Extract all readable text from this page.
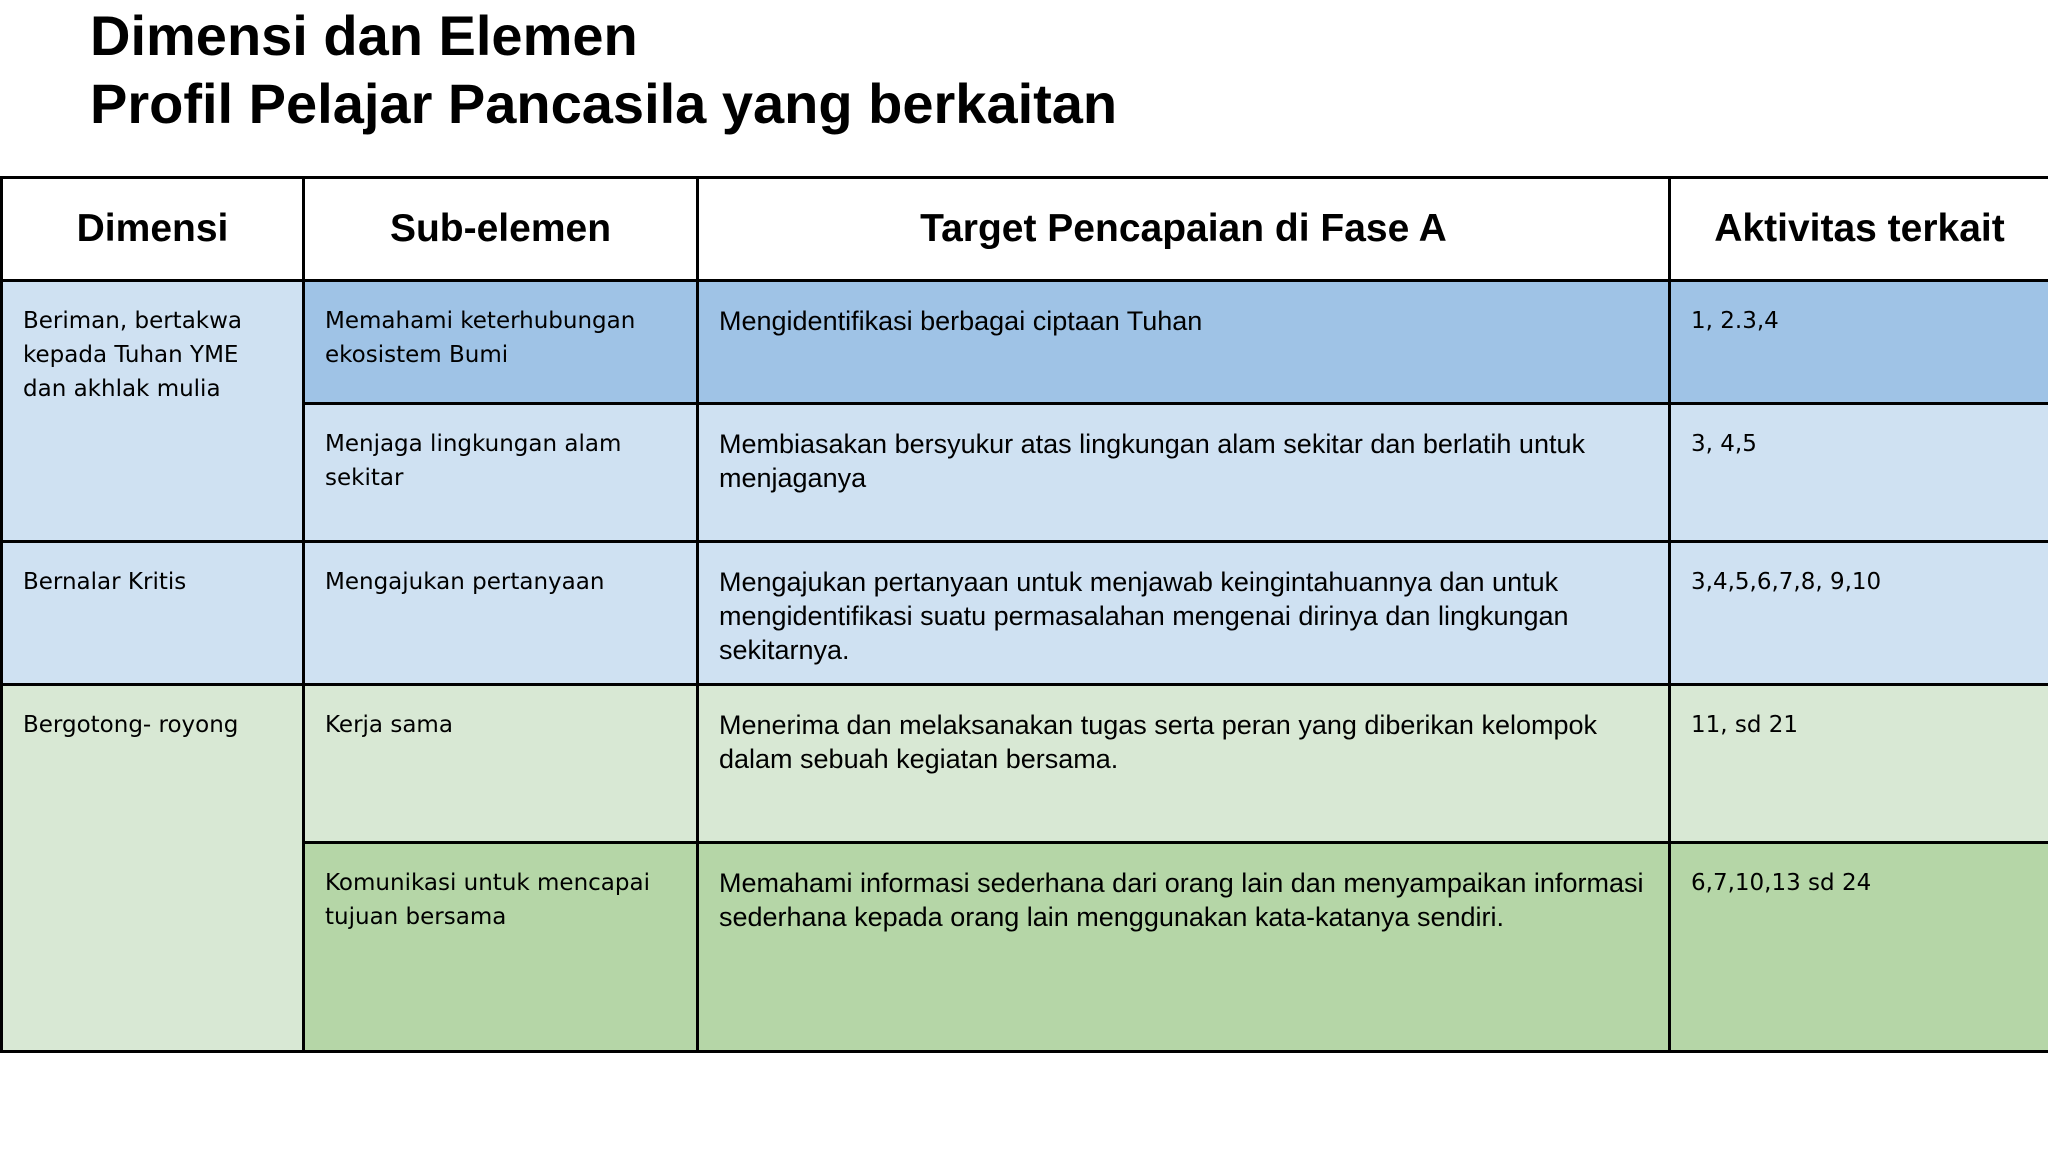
Dimensi dan Elemen
Profil Pelajar Pancasila yang berkaitan
Dimensi	Sub-elemen	Target Pencapaian di Fase A	Aktivitas terkait
Beriman, bertakwa kepada Tuhan YME dan akhlak mulia	Memahami keterhubungan ekosistem Bumi	Mengidentifikasi berbagai ciptaan Tuhan	1, 2.3,4
	Menjaga lingkungan alam sekitar	Membiasakan bersyukur atas lingkungan alam sekitar dan berlatih untuk menjaganya	3, 4,5
Bernalar Kritis	Mengajukan pertanyaan	Mengajukan pertanyaan untuk menjawab keingintahuannya dan untuk mengidentifikasi suatu permasalahan mengenai dirinya dan lingkungan sekitarnya.	3,4,5,6,7,8, 9,10
Bergotong- royong	Kerja sama	Menerima dan melaksanakan tugas serta peran yang diberikan kelompok dalam sebuah kegiatan bersama.	11, sd 21
	Komunikasi untuk mencapai tujuan bersama	Memahami informasi sederhana dari orang lain dan menyampaikan informasi sederhana kepada orang lain menggunakan kata-katanya sendiri.	6,7,10,13 sd 24
